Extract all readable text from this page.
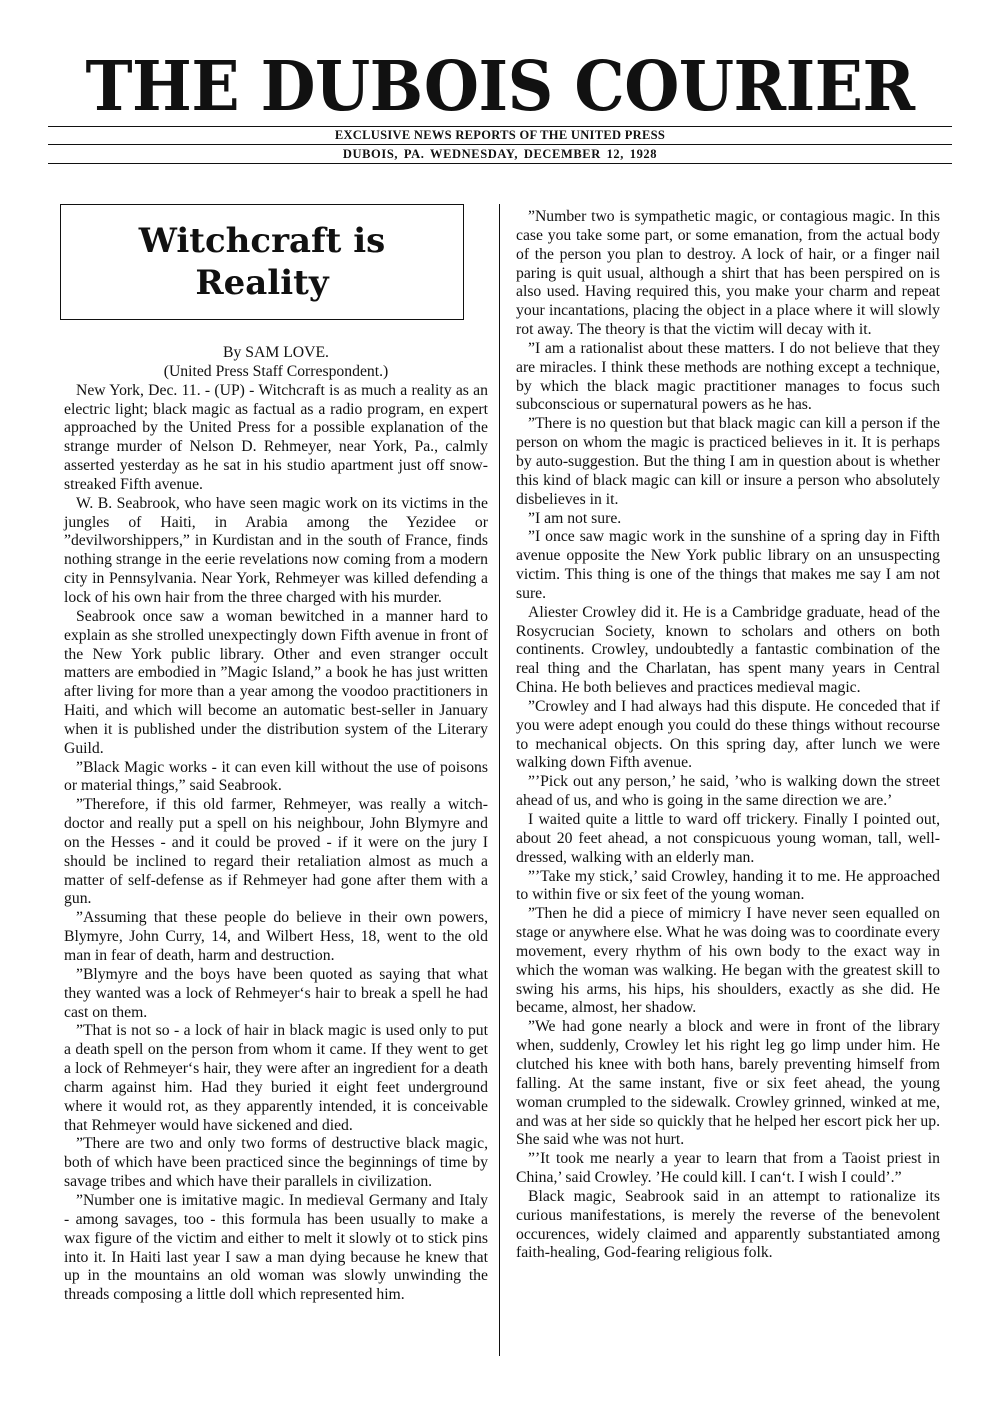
THE DUBOIS COURIER
EXCLUSIVE NEWS REPORTS OF THE UNITED PRESS
DUBOIS, PA. WEDNESDAY, DECEMBER 12, 1928
Witchcraft is Reality

By SAM LOVE.

(United Press Staff Correspondent.)

New York, Dec. 11. - (UP) - Witchcraft is as much a reality as an electric light; black magic as factual as a radio program, en expert approached by the United Press for a possible explanation of the strange murder of Nelson D. Rehmeyer, near York, Pa., calmly asserted yesterday as he sat in his studio apartment just off snow-streaked Fifth avenue.

W. B. Seabrook, who have seen magic work on its victims in the jungles of Haiti, in Arabia among the Yezidee or ”devilworshippers,” in Kurdistan and in the south of France, finds nothing strange in the eerie revelations now coming from a modern city in Pennsylvania. Near York, Rehmeyer was killed defending a lock of his own hair from the three charged with his murder.

Seabrook once saw a woman bewitched in a manner hard to explain as she strolled unexpectingly down Fifth avenue in front of the New York public library. Other and even stranger occult matters are embodied in ”Magic Island,” a book he has just written after living for more than a year among the voodoo practitioners in Haiti, and which will become an automatic best-seller in January when it is published under the distribution system of the Literary Guild.

”Black Magic works - it can even kill without the use of poisons or material things,” said Seabrook.

”Therefore, if this old farmer, Rehmeyer, was really a witch-doctor and really put a spell on his neighbour, John Blymyre and on the Hesses - and it could be proved - if it were on the jury I should be inclined to regard their retaliation almost as much a matter of self-defense as if Rehmeyer had gone after them with a gun.

”Assuming that these people do believe in their own powers, Blymyre, John Curry, 14, and Wilbert Hess, 18, went to the old man in fear of death, harm and destruction.

”Blymyre and the boys have been quoted as saying that what they wanted was a lock of Rehmeyer‘s hair to break a spell he had cast on them.

”That is not so - a lock of hair in black magic is used only to put a death spell on the person from whom it came. If they went to get a lock of Rehmeyer‘s hair, they were after an ingredient for a death charm against him. Had they buried it eight feet underground where it would rot, as they apparently intended, it is conceivable that Rehmeyer would have sickened and died.

”There are two and only two forms of destructive black magic, both of which have been practiced since the beginnings of time by savage tribes and which have their parallels in civilization.

”Number one is imitative magic. In medieval Germany and Italy - among savages, too - this formula has been usually to make a wax figure of the victim and either to melt it slowly ot to stick pins into it. In Haiti last year I saw a man dying because he knew that up in the mountains an old woman was slowly unwinding the threads composing a little doll which represented him.

”Number two is sympathetic magic, or contagious magic. In this case you take some part, or some emanation, from the actual body of the person you plan to destroy. A lock of hair, or a finger nail paring is quit usual, although a shirt that has been perspired on is also used. Having required this, you make your charm and repeat your incantations, placing the object in a place where it will slowly rot away. The theory is that the victim will decay with it.

”I am a rationalist about these matters. I do not believe that they are miracles. I think these methods are nothing except a technique, by which the black magic practitioner manages to focus such subconscious or supernatural powers as he has.

”There is no question but that black magic can kill a person if the person on whom the magic is practiced believes in it. It is perhaps by auto-suggestion. But the thing I am in question about is whether this kind of black magic can kill or insure a person who absolutely disbelieves in it.

”I am not sure.

”I once saw magic work in the sunshine of a spring day in Fifth avenue opposite the New York public library on an unsuspecting victim. This thing is one of the things that makes me say I am not sure.

Aliester Crowley did it. He is a Cambridge graduate, head of the Rosycrucian Society, known to scholars and others on both continents. Crowley, undoubtedly a fantastic combination of the real thing and the Charlatan, has spent many years in Central China. He both believes and practices medieval magic.

”Crowley and I had always had this dispute. He conceded that if you were adept enough you could do these things without recourse to mechanical objects. On this spring day, after lunch we were walking down Fifth avenue.

”’Pick out any person,’ he said, ’who is walking down the street ahead of us, and who is going in the same direction we are.’

I waited quite a little to ward off trickery. Finally I pointed out, about 20 feet ahead, a not conspicuous young woman, tall, well-dressed, walking with an elderly man.

”’Take my stick,’ said Crowley, handing it to me. He approached to within five or six feet of the young woman.

”Then he did a piece of mimicry I have never seen equalled on stage or anywhere else. What he was doing was to coordinate every movement, every rhythm of his own body to the exact way in which the woman was walking. He began with the greatest skill to swing his arms, his hips, his shoulders, exactly as she did. He became, almost, her shadow.

”We had gone nearly a block and were in front of the library when, suddenly, Crowley let his right leg go limp under him. He clutched his knee with both hans, barely preventing himself from falling. At the same instant, five or six feet ahead, the young woman crumpled to the sidewalk. Crowley grinned, winked at me, and was at her side so quickly that he helped her escort pick her up. She said whe was not hurt.

”’It took me nearly a year to learn that from a Taoist priest in China,’ said Crowley. ’He could kill. I can‘t. I wish I could’.”

Black magic, Seabrook said in an attempt to rationalize its curious manifestations, is merely the reverse of the benevolent occurences, widely claimed and apparently substantiated among faith-healing, God-fearing religious folk.
